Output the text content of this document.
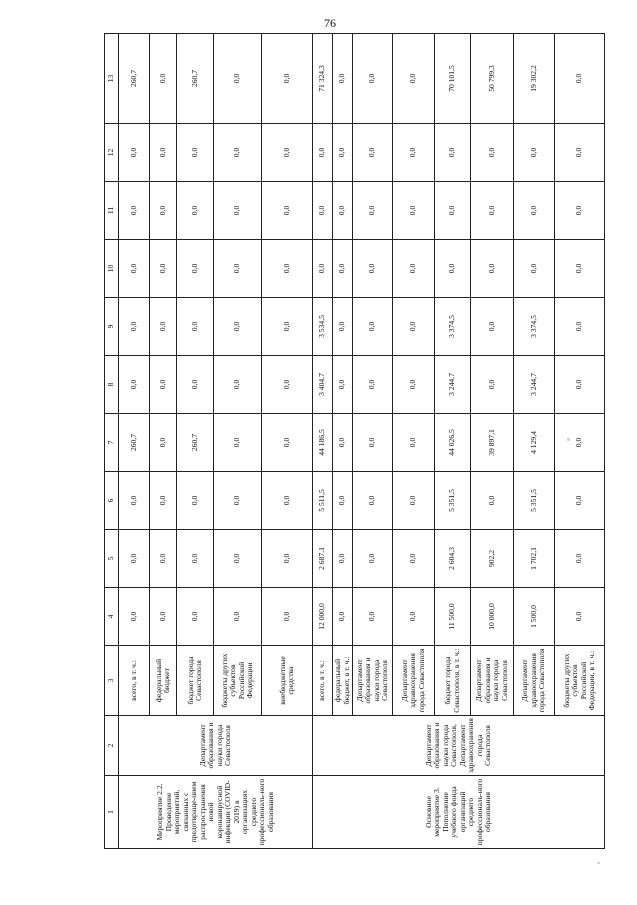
76
1	2	3	4	5	6	7	8	9	10	11	12	13
Мероприятие 2.2. Проведение мероприятий, связанных с предотвраще-нием распространения новой коронавирусной инфекции (COVID-2019) в организациях среднего профессиональ-ного образования	Департамент образования и науки города Севастополя	всего, в т. ч.:	0,0	0,0	0,0	260,7	0,0	0,0	0,0	0,0	0,0	260,7
		федеральный бюджет	0,0	0,0	0,0	0,0	0,0	0,0	0,0	0,0	0,0	0,0
		бюджет города Севастополя	0,0	0,0	0,0	260,7	0,0	0,0	0,0	0,0	0,0	260,7
		бюджеты других субъектов Российской Федерации	0,0	0,0	0,0	0,0	0,0	0,0	0,0	0,0	0,0	0,0
		внебюджетные средства	0,0	0,0	0,0	0,0	0,0	0,0	0,0	0,0	0,0	0,0
Основное мероприятие 3. Пополнение учебного фонда организаций среднего профессиональ-ного образования	Департамент образования и науки города Севастополя, Департамент здравоохранения города Севастополя	всего, в т. ч.:	12 000,0	2 687,1	5 511,5	44 186,5	3 404,7	3 534,5	0,0	0,0	0,0	71 324,3
		федеральный бюджет, в т. ч.:	0,0	0,0	0,0	0,0	0,0	0,0	0,0	0,0	0,0	0,0
		Департамент образования и науки города Севастополя	0,0	0,0	0,0	0,0	0,0	0,0	0,0	0,0	0,0	0,0
		Департамент здравоохранения города Севастополя	0,0	0,0	0,0	0,0	0,0	0,0	0,0	0,0	0,0	0,0
		бюджет города Севастополя, в т. ч.:	11 500,0	2 604,3	5 351,5	44 026,5	3 244,7	3 374,5	0,0	0,0	0,0	70 101,5
		Департамент образования и науки города Севастополя	10 000,0	902,2	0,0	39 897,1	0,0	0,0	0,0	0,0	0,0	50 799,3
		Департамент здравоохранения города Севастополя	1 500,0	1 702,1	5 351,5	4 129,4	3 244,7	3 374,5	0,0	0,0	0,0	19 302,2
		бюджеты других субъектов Российской Федерации, в т. ч.:	0,0	0,0	0,0	0,0	0,0	0,0	0,0	0,0	0,0	0,0
